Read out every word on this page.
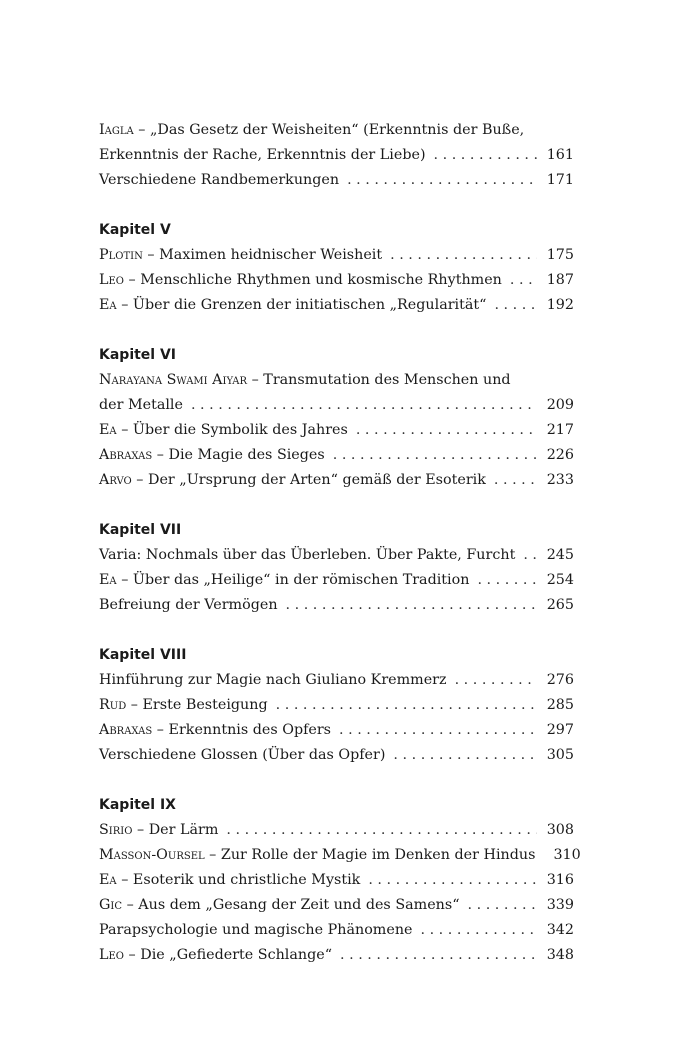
Iagla – „Das Gesetz der Weisheiten“ (Erkenntnis der Buße,
Erkenntnis der Rache, Erkenntnis der Liebe) . . .	161
Verschiedene Randbemerkungen . . .	171
Kapitel V
Plotin – Maximen heidnischer Weisheit . . .	175
Leo – Menschliche Rhythmen und kosmische Rhythmen . . .	187
Ea – Über die Grenzen der initiatischen „Regularität“ . . .	192
Kapitel VI
Narayana Swami Aiyar – Transmutation des Menschen und
der Metalle . . .	209
Ea – Über die Symbolik des Jahres . . .	217
Abraxas – Die Magie des Sieges . . .	226
Arvo – Der „Ursprung der Arten“ gemäß der Esoterik . . .	233
Kapitel VII
Varia: Nochmals über das Überleben. Über Pakte, Furcht . . . 245
Ea – Über das „Heilige“ in der römischen Tradition . . .	254
Befreiung der Vermögen . . .	265
Kapitel VIII
Hinführung zur Magie nach Giuliano Kremmerz . . .	276
Rud – Erste Besteigung . . .	285
Abraxas – Erkenntnis des Opfers . . .	297
Verschiedene Glossen (Über das Opfer) . . .	305
Kapitel IX
Sirio – Der Lärm . . .	308
Masson-Oursel – Zur Rolle der Magie im Denken der Hindus 310
Ea – Esoterik und christliche Mystik . . .	316
Gic – Aus dem „Gesang der Zeit und des Samens“ . . .	339
Parapsychologie und magische Phänomene . . .	342
Leo – Die „Gefiederte Schlange“ . . .	348
